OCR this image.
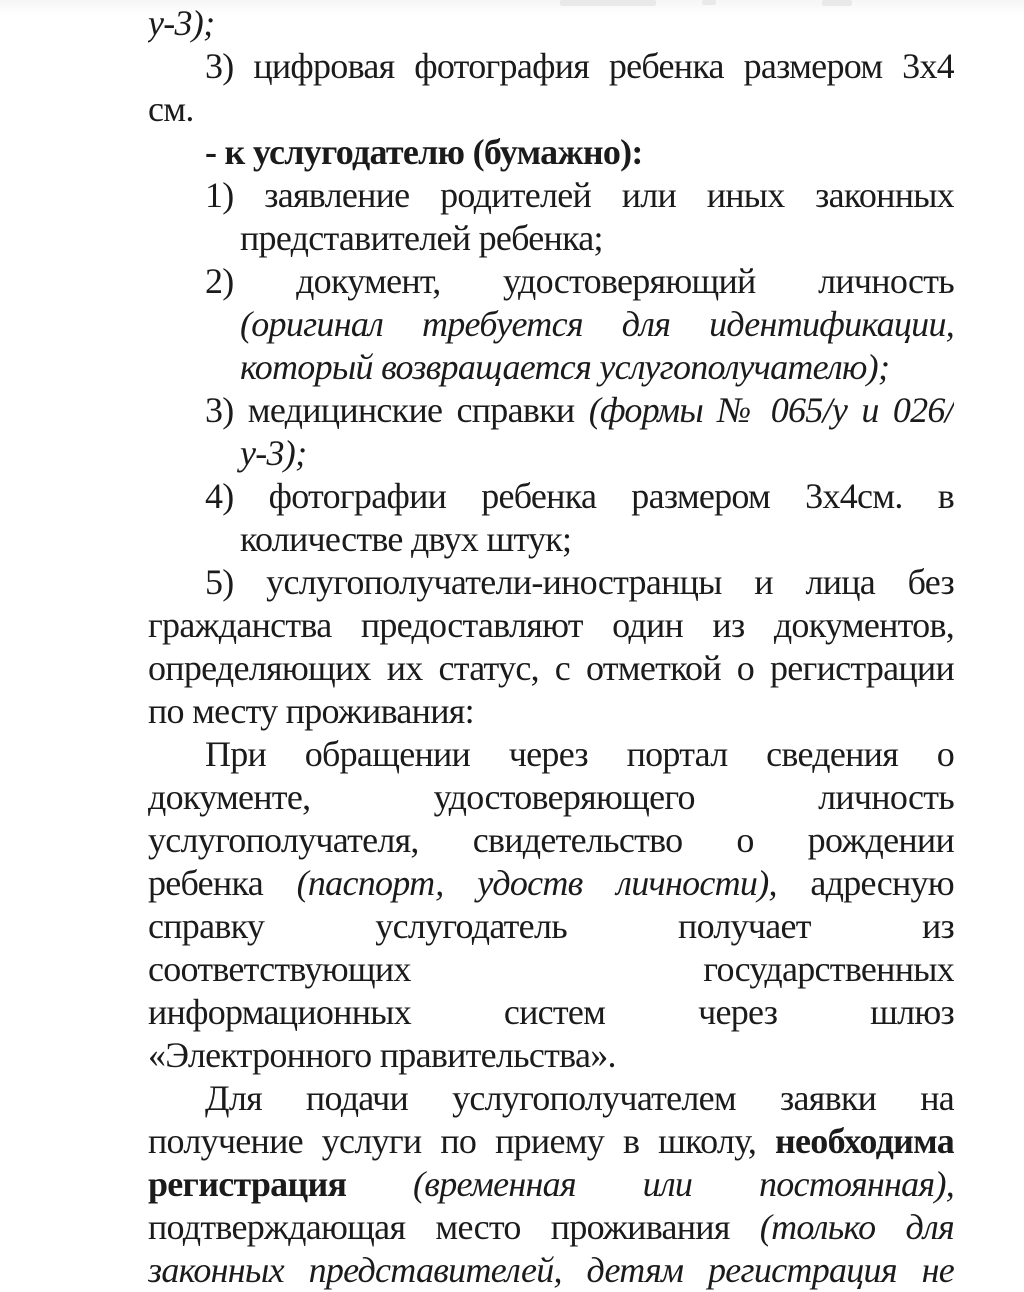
у-3);
3) цифровая фотография ребенка размером 3х4
см.
- к услугодателю (бумажно):
1) заявление родителей или иных законных
представителей ребенка;
2) документ, удостоверяющий личность
(оригинал требуется для идентификации,
который возвращается услугополучателю);
3) медицинские справки (формы № 065/у и 026/
у-3);
4) фотографии ребенка размером 3х4см. в
количестве двух штук;
5) услугополучатели-иностранцы и лица без
гражданства предоставляют один из документов,
определяющих их статус, с отметкой о регистрации
по месту проживания:
При обращении через портал сведения о
документе, удостоверяющего личность
услугополучателя, свидетельство о рождении
ребенка (паспорт, удоств личности), адресную
справку услугодатель получает из
соответствующих государственных
информационных систем через шлюз
«Электронного правительства».
Для подачи услугополучателем заявки на
получение услуги по приему в школу, необходима
регистрация (временная или постоянная),
подтверждающая место проживания (только для
законных представителей, детям регистрация не
